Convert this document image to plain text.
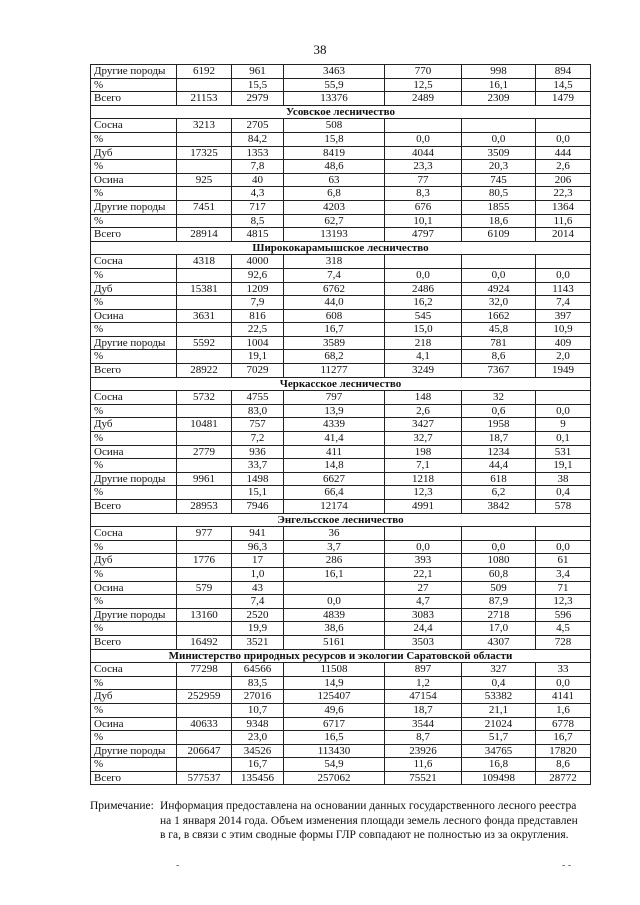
38
Другие породы	6192	961	3463	770	998	894
%		15,5	55,9	12,5	16,1	14,5
Всего	21153	2979	13376	2489	2309	1479
Усовское лесничество						
Сосна	3213	2705	508			
%		84,2	15,8	0,0	0,0	0,0
Дуб	17325	1353	8419	4044	3509	444
%		7,8	48,6	23,3	20,3	2,6
Осина	925	40	63	77	745	206
%		4,3	6,8	8,3	80,5	22,3
Другие породы	7451	717	4203	676	1855	1364
%		8,5	62,7	10,1	18,6	11,6
Всего	28914	4815	13193	4797	6109	2014
Ширококарамышское лесничество						
Сосна	4318	4000	318			
%		92,6	7,4	0,0	0,0	0,0
Дуб	15381	1209	6762	2486	4924	1143
%		7,9	44,0	16,2	32,0	7,4
Осина	3631	816	608	545	1662	397
%		22,5	16,7	15,0	45,8	10,9
Другие породы	5592	1004	3589	218	781	409
%		19,1	68,2	4,1	8,6	2,0
Всего	28922	7029	11277	3249	7367	1949
Черкасское лесничество						
Сосна	5732	4755	797	148	32	
%		83,0	13,9	2,6	0,6	0,0
Дуб	10481	757	4339	3427	1958	9
%		7,2	41,4	32,7	18,7	0,1
Осина	2779	936	411	198	1234	531
%		33,7	14,8	7,1	44,4	19,1
Другие породы	9961	1498	6627	1218	618	38
%		15,1	66,4	12,3	6,2	0,4
Всего	28953	7946	12174	4991	3842	578
Энгельсское лесничество						
Сосна	977	941	36			
%		96,3	3,7	0,0	0,0	0,0
Дуб	1776	17	286	393	1080	61
%		1,0	16,1	22,1	60,8	3,4
Осина	579	43		27	509	71
%		7,4	0,0	4,7	87,9	12,3
Другие породы	13160	2520	4839	3083	2718	596
%		19,9	38,6	24,4	17,0	4,5
Всего	16492	3521	5161	3503	4307	728
Министерство природных ресурсов и экологии Саратовской области						
Сосна	77298	64566	11508	897	327	33
%		83,5	14,9	1,2	0,4	0,0
Дуб	252959	27016	125407	47154	53382	4141
%		10,7	49,6	18,7	21,1	1,6
Осина	40633	9348	6717	3544	21024	6778
%		23,0	16,5	8,7	51,7	16,7
Другие породы	206647	34526	113430	23926	34765	17820
%		16,7	54,9	11,6	16,8	8,6
Всего	577537	135456	257062	75521	109498	28772
Примечание: Информация предоставлена на основании данных государственного лесного реестра
на 1 января 2014 года. Объем изменения площади земель лесного фонда представлен
в га, в связи с этим сводные формы ГЛР совпадают не полностью из за округления.
-	- -
